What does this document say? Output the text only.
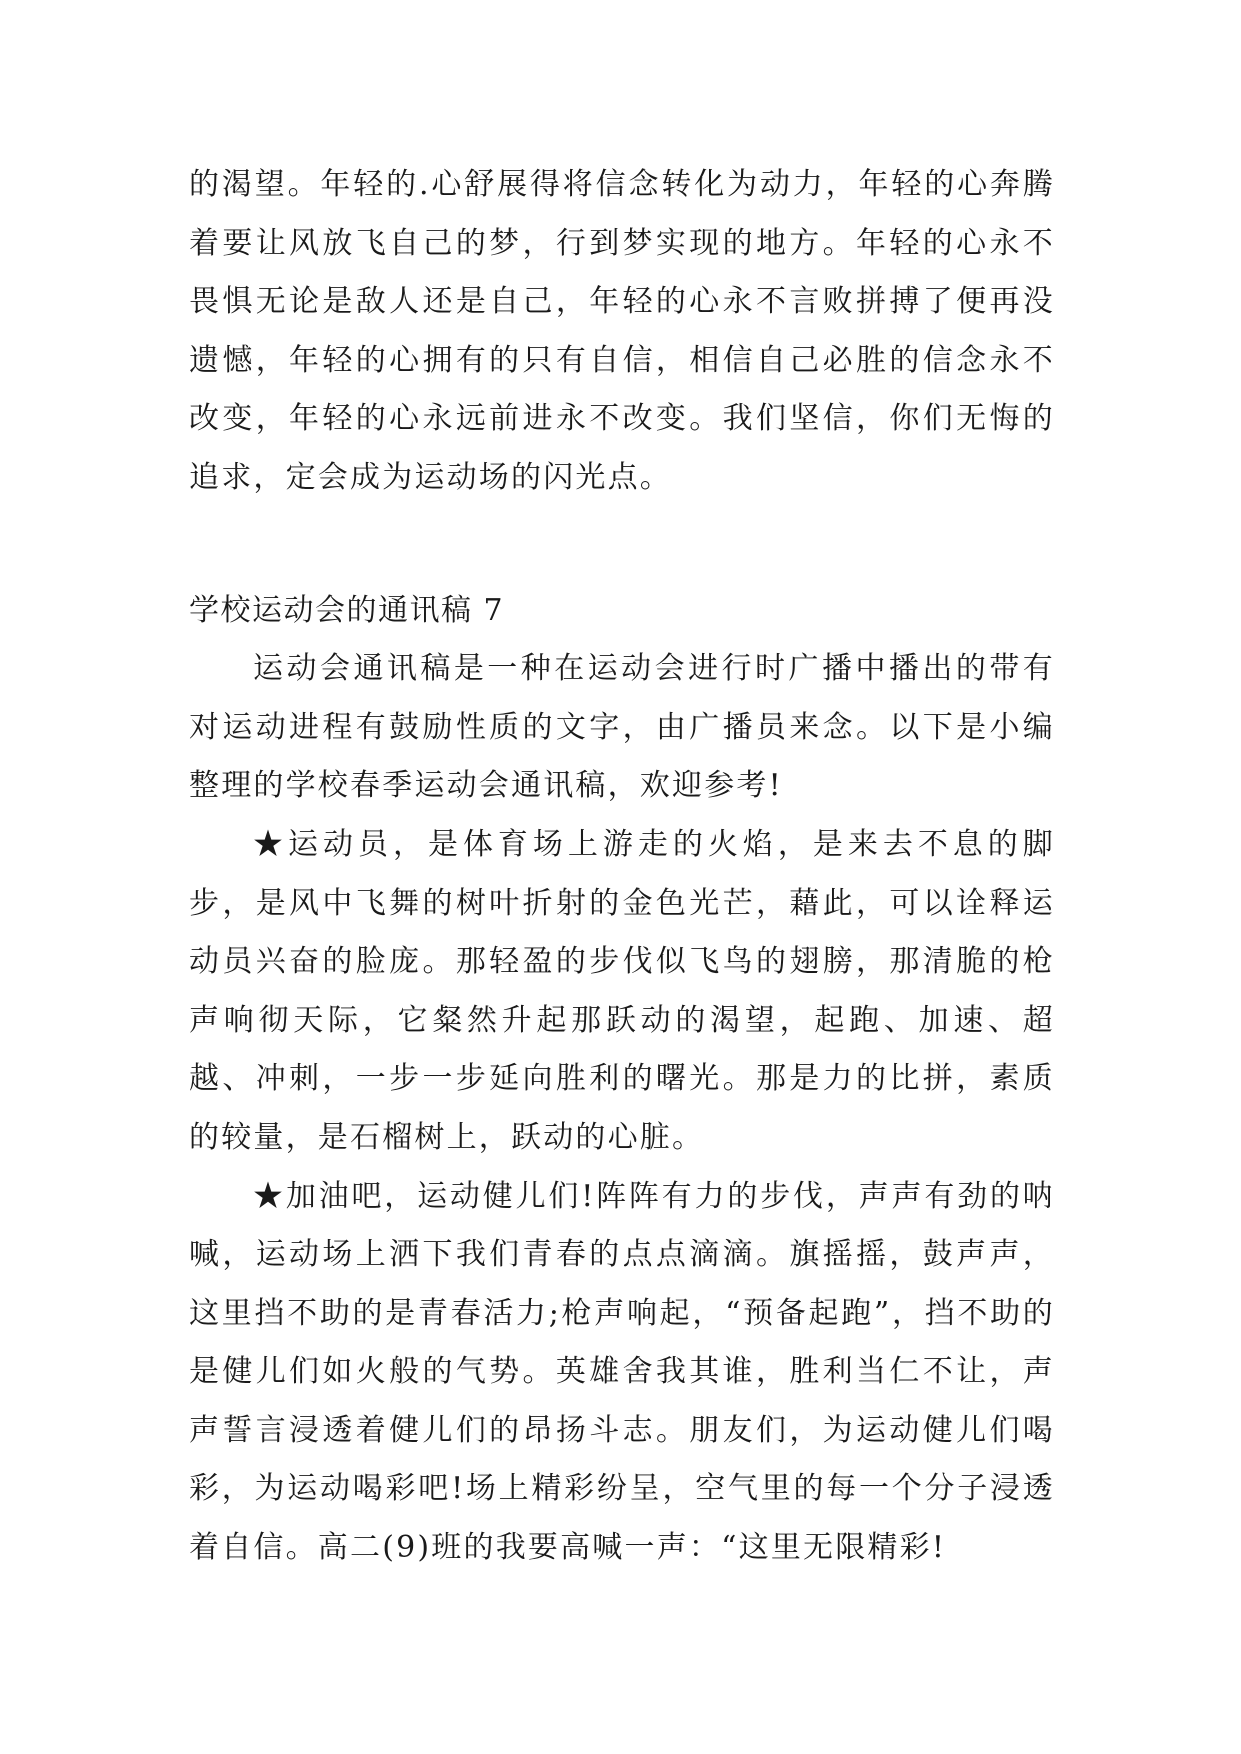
的渴望。年轻的.心舒展得将信念转化为动力，年轻的心奔腾着要让风放飞自己的梦，行到梦实现的地方。年轻的心永不畏惧无论是敌人还是自己，年轻的心永不言败拼搏了便再没遗憾，年轻的心拥有的只有自信，相信自己必胜的信念永不改变，年轻的心永远前进永不改变。我们坚信，你们无悔的追求，定会成为运动场的闪光点。

学校运动会的通讯稿 7

运动会通讯稿是一种在运动会进行时广播中播出的带有对运动进程有鼓励性质的文字，由广播员来念。以下是小编整理的学校春季运动会通讯稿，欢迎参考!

★运动员，是体育场上游走的火焰，是来去不息的脚步，是风中飞舞的树叶折射的金色光芒，藉此，可以诠释运动员兴奋的脸庞。那轻盈的步伐似飞鸟的翅膀，那清脆的枪声响彻天际，它粲然升起那跃动的渴望，起跑、加速、超越、冲刺，一步一步延向胜利的曙光。那是力的比拼，素质的较量，是石榴树上，跃动的心脏。

★加油吧，运动健儿们!阵阵有力的步伐，声声有劲的呐喊，运动场上洒下我们青春的点点滴滴。旗摇摇，鼓声声，这里挡不助的是青春活力;枪声响起，“预备起跑”，挡不助的是健儿们如火般的气势。英雄舍我其谁，胜利当仁不让，声声誓言浸透着健儿们的昂扬斗志。朋友们，为运动健儿们喝彩，为运动喝彩吧!场上精彩纷呈，空气里的每一个分子浸透着自信。高二(9)班的我要高喊一声：“这里无限精彩!
